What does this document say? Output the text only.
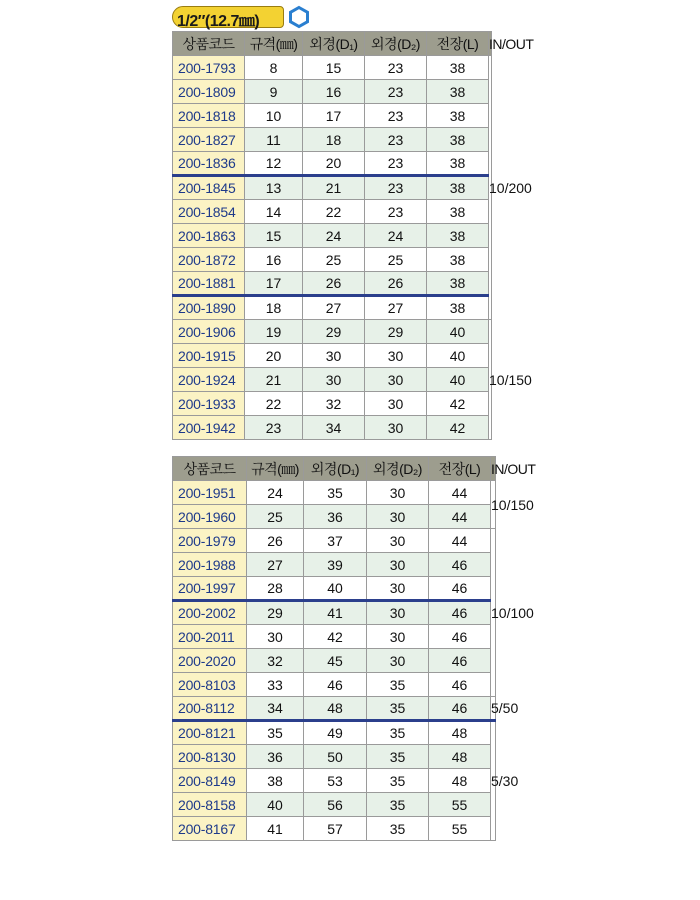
1/2″(12.7㎜)
상품코드	규격(㎜)	외경(D₁)	외경(D₂)	전장(L)	IN/OUT
200-1793	8	15	23	38	10/200
200-1809	9	16	23	38	
200-1818	10	17	23	38	
200-1827	11	18	23	38	
200-1836	12	20	23	38	
200-1845	13	21	23	38	
200-1854	14	22	23	38	
200-1863	15	24	24	38	
200-1872	16	25	25	38	
200-1881	17	26	26	38	
200-1890	18	27	27	38	
200-1906	19	29	29	40	10/150
200-1915	20	30	30	40	
200-1924	21	30	30	40	
200-1933	22	32	30	42	
200-1942	23	34	30	42	
상품코드	규격(㎜)	외경(D₁)	외경(D₂)	전장(L)	IN/OUT
200-1951	24	35	30	44	10/150
200-1960	25	36	30	44	
200-1979	26	37	30	44	10/100
200-1988	27	39	30	46	
200-1997	28	40	30	46	
200-2002	29	41	30	46	
200-2011	30	42	30	46	
200-2020	32	45	30	46	
200-8103	33	46	35	46	
200-8112	34	48	35	46	5/50
200-8121	35	49	35	48	5/30
200-8130	36	50	35	48	
200-8149	38	53	35	48	
200-8158	40	56	35	55	
200-8167	41	57	35	55	
